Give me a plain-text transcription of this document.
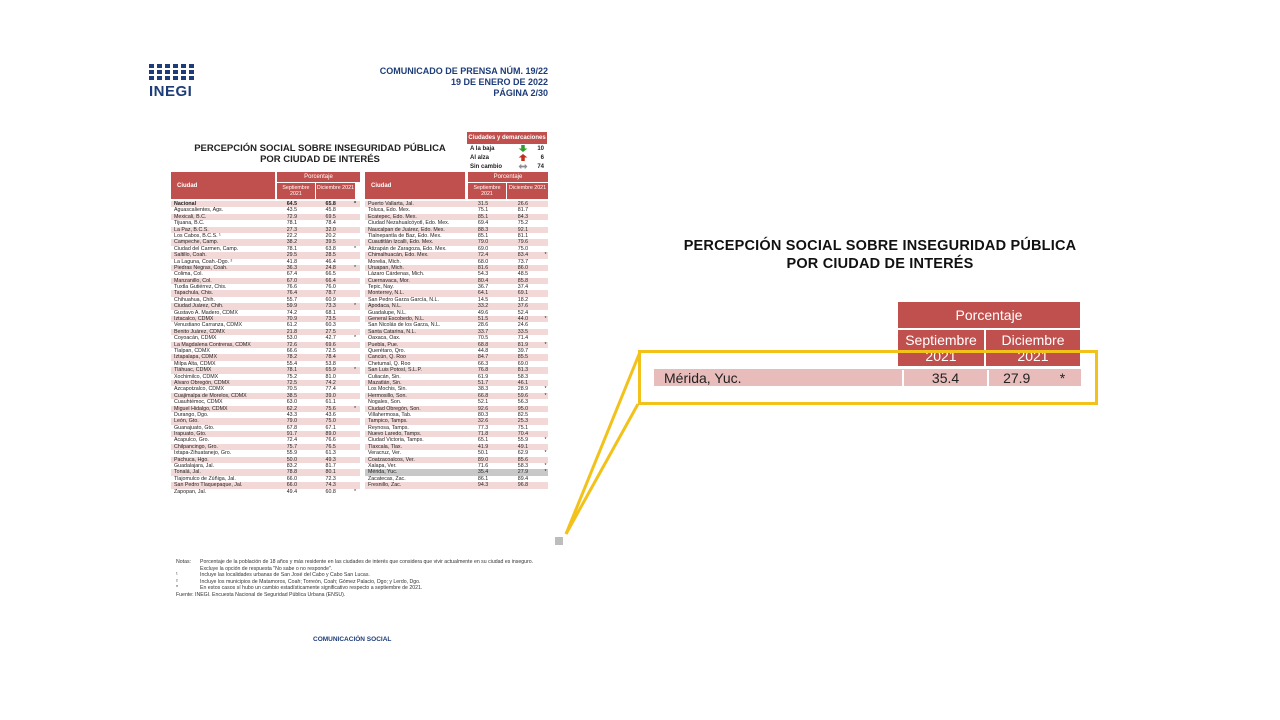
INEGI
COMUNICADO DE PRENSA NÚM. 19/22
19 DE ENERO DE 2022
PÁGINA 2/30
PERCEPCIÓN SOCIAL SOBRE INSEGURIDAD PÚBLICA
POR CIUDAD DE INTERÉS
Ciudades y demarcaciones
A la baja	10
Al alza	6
Sin cambio	74
Ciudad
Porcentaje
Septiembre 2021
Diciembre 2021
Nacional	64.5	65.8	*
Aguascalientes, Ags.	43.5	45.8
Mexicali, B.C.	72.9	69.5
Tijuana, B.C.	78.1	78.4
La Paz, B.C.S.	27.3	32.0
Los Cabos, B.C.S. ¹	22.2	20.2
Campeche, Camp.	38.2	39.5
Ciudad del Carmen, Camp.	78.1	63.8	*
Saltillo, Coah.	29.5	28.5
La Laguna, Coah.-Dgo. ²	41.8	46.4
Piedras Negras, Coah.	36.3	24.8	*
Colima, Col.	67.4	66.5
Manzanillo, Col.	67.0	66.4
Tuxtla Gutiérrez, Chis.	76.6	76.0
Tapachula, Chis.	76.4	78.7
Chihuahua, Chih.	55.7	60.9
Ciudad Juárez, Chih.	59.9	73.3	*
Gustavo A. Madero, CDMX	74.2	68.1
Iztacalco, CDMX	70.9	73.5
Venustiano Carranza, CDMX	61.2	60.3
Benito Juárez, CDMX	21.8	27.5
Coyoacán, CDMX	53.0	42.7	*
La Magdalena Contreras, CDMX	72.6	69.6
Tlalpan, CDMX	66.6	72.5
Iztapalapa, CDMX	78.2	78.4
Milpa Alta, CDMX	55.4	53.8
Tláhuac, CDMX	78.1	65.9	*
Xochimilco, CDMX	75.2	81.0
Álvaro Obregón, CDMX	72.5	74.2
Azcapotzalco, CDMX	70.5	77.4
Cuajimalpa de Morelos, CDMX	38.5	39.0
Cuauhtémoc, CDMX	63.0	61.1
Miguel Hidalgo, CDMX	62.2	75.6	*
Durango, Dgo.	43.3	43.6
León, Gto.	79.0	75.0
Guanajuato, Gto.	67.8	67.1
Irapuato, Gto.	91.7	89.0
Acapulco, Gro.	72.4	76.6
Chilpancingo, Gro.	75.7	76.5
Ixtapa-Zihuatanejo, Gro.	55.9	61.3
Pachuca, Hgo.	50.0	49.3
Guadalajara, Jal.	83.2	81.7
Tonalá, Jal.	78.8	80.1
Tlajomulco de Zúñiga, Jal.	66.0	72.3
San Pedro Tlaquepaque, Jal.	66.0	74.3
Zapopan, Jal.	49.4	60.8	*
Ciudad
Porcentaje
Septiembre 2021
Diciembre 2021
Puerto Vallarta, Jal.	31.5	26.6
Toluca, Edo. Mex.	75.1	81.7
Ecatepec, Edo. Mex.	85.1	84.3
Ciudad Nezahualcóyotl, Edo. Mex.	69.4	75.2
Naucalpan de Juárez, Edo. Mex.	88.3	92.1
Tlalnepantla de Baz, Edo. Mex.	85.1	81.1
Cuautitlán Izcalli, Edo. Mex.	79.0	79.6
Atizapán de Zaragoza, Edo. Mex.	69.0	75.0
Chimalhuacán, Edo. Mex.	72.4	83.4	*
Morelia, Mich.	68.0	73.7
Uruapan, Mich.	81.6	86.0
Lázaro Cárdenas, Mich.	54.3	48.5
Cuernavaca, Mor.	80.4	85.8
Tepic, Nay.	36.7	37.4
Monterrey, N.L.	64.1	69.1
San Pedro Garza García, N.L.	14.5	18.2
Apodaca, N.L.	33.2	37.6
Guadalupe, N.L.	49.6	52.4
General Escobedo, N.L.	51.5	44.0	*
San Nicolás de los Garza, N.L.	28.6	24.6
Santa Catarina, N.L.	33.7	33.5
Oaxaca, Oax.	70.5	71.4
Puebla, Pue.	68.8	81.9	*
Querétaro, Qro.	44.8	39.7
Cancún, Q. Roo	84.7	85.5
Chetumal, Q. Roo	66.3	69.0
San Luis Potosí, S.L.P.	76.8	81.3
Culiacán, Sin.	61.9	58.3
Mazatlán, Sin.	51.7	46.1
Los Mochis, Sin.	38.3	28.9	*
Hermosillo, Son.	66.8	59.6	*
Nogales, Son.	52.1	56.3
Ciudad Obregón, Son.	92.6	95.0
Villahermosa, Tab.	80.3	82.5
Tampico, Tamps.	32.6	25.3
Reynosa, Tamps.	77.3	75.1
Nuevo Laredo, Tamps.	71.8	70.4
Ciudad Victoria, Tamps.	65.1	55.9	*
Tlaxcala, Tlax.	41.9	49.1
Veracruz, Ver.	50.1	62.9	*
Coatzacoalcos, Ver.	89.0	85.6
Xalapa, Ver.	71.6	58.3	*
Mérida, Yuc.	35.4	27.9	*
Zacatecas, Zac.	86.1	89.4
Fresnillo, Zac.	94.3	96.8
Notas:	Porcentaje de la población de 18 años y más residente en las ciudades de interés que considera que vivir actualmente en su ciudad es inseguro. Excluye la opción de respuesta "No sabe o no responde".
¹	Incluye las localidades urbanas de San José del Cabo y Cabo San Lucas.
²	Incluye los municipios de Matamoros, Coah; Torreón, Coah; Gómez Palacio, Dgo; y Lerdo, Dgo.
*	En estos casos sí hubo un cambio estadísticamente significativo respecto a septiembre de 2021.
Fuente: INEGI. Encuesta Nacional de Seguridad Pública Urbana (ENSU).
COMUNICACIÓN SOCIAL
PERCEPCIÓN SOCIAL SOBRE INSEGURIDAD PÚBLICA
POR CIUDAD DE INTERÉS
Porcentaje
Septiembre
2021
Diciembre
2021
Mérida, Yuc.	35.4	27.9	*
